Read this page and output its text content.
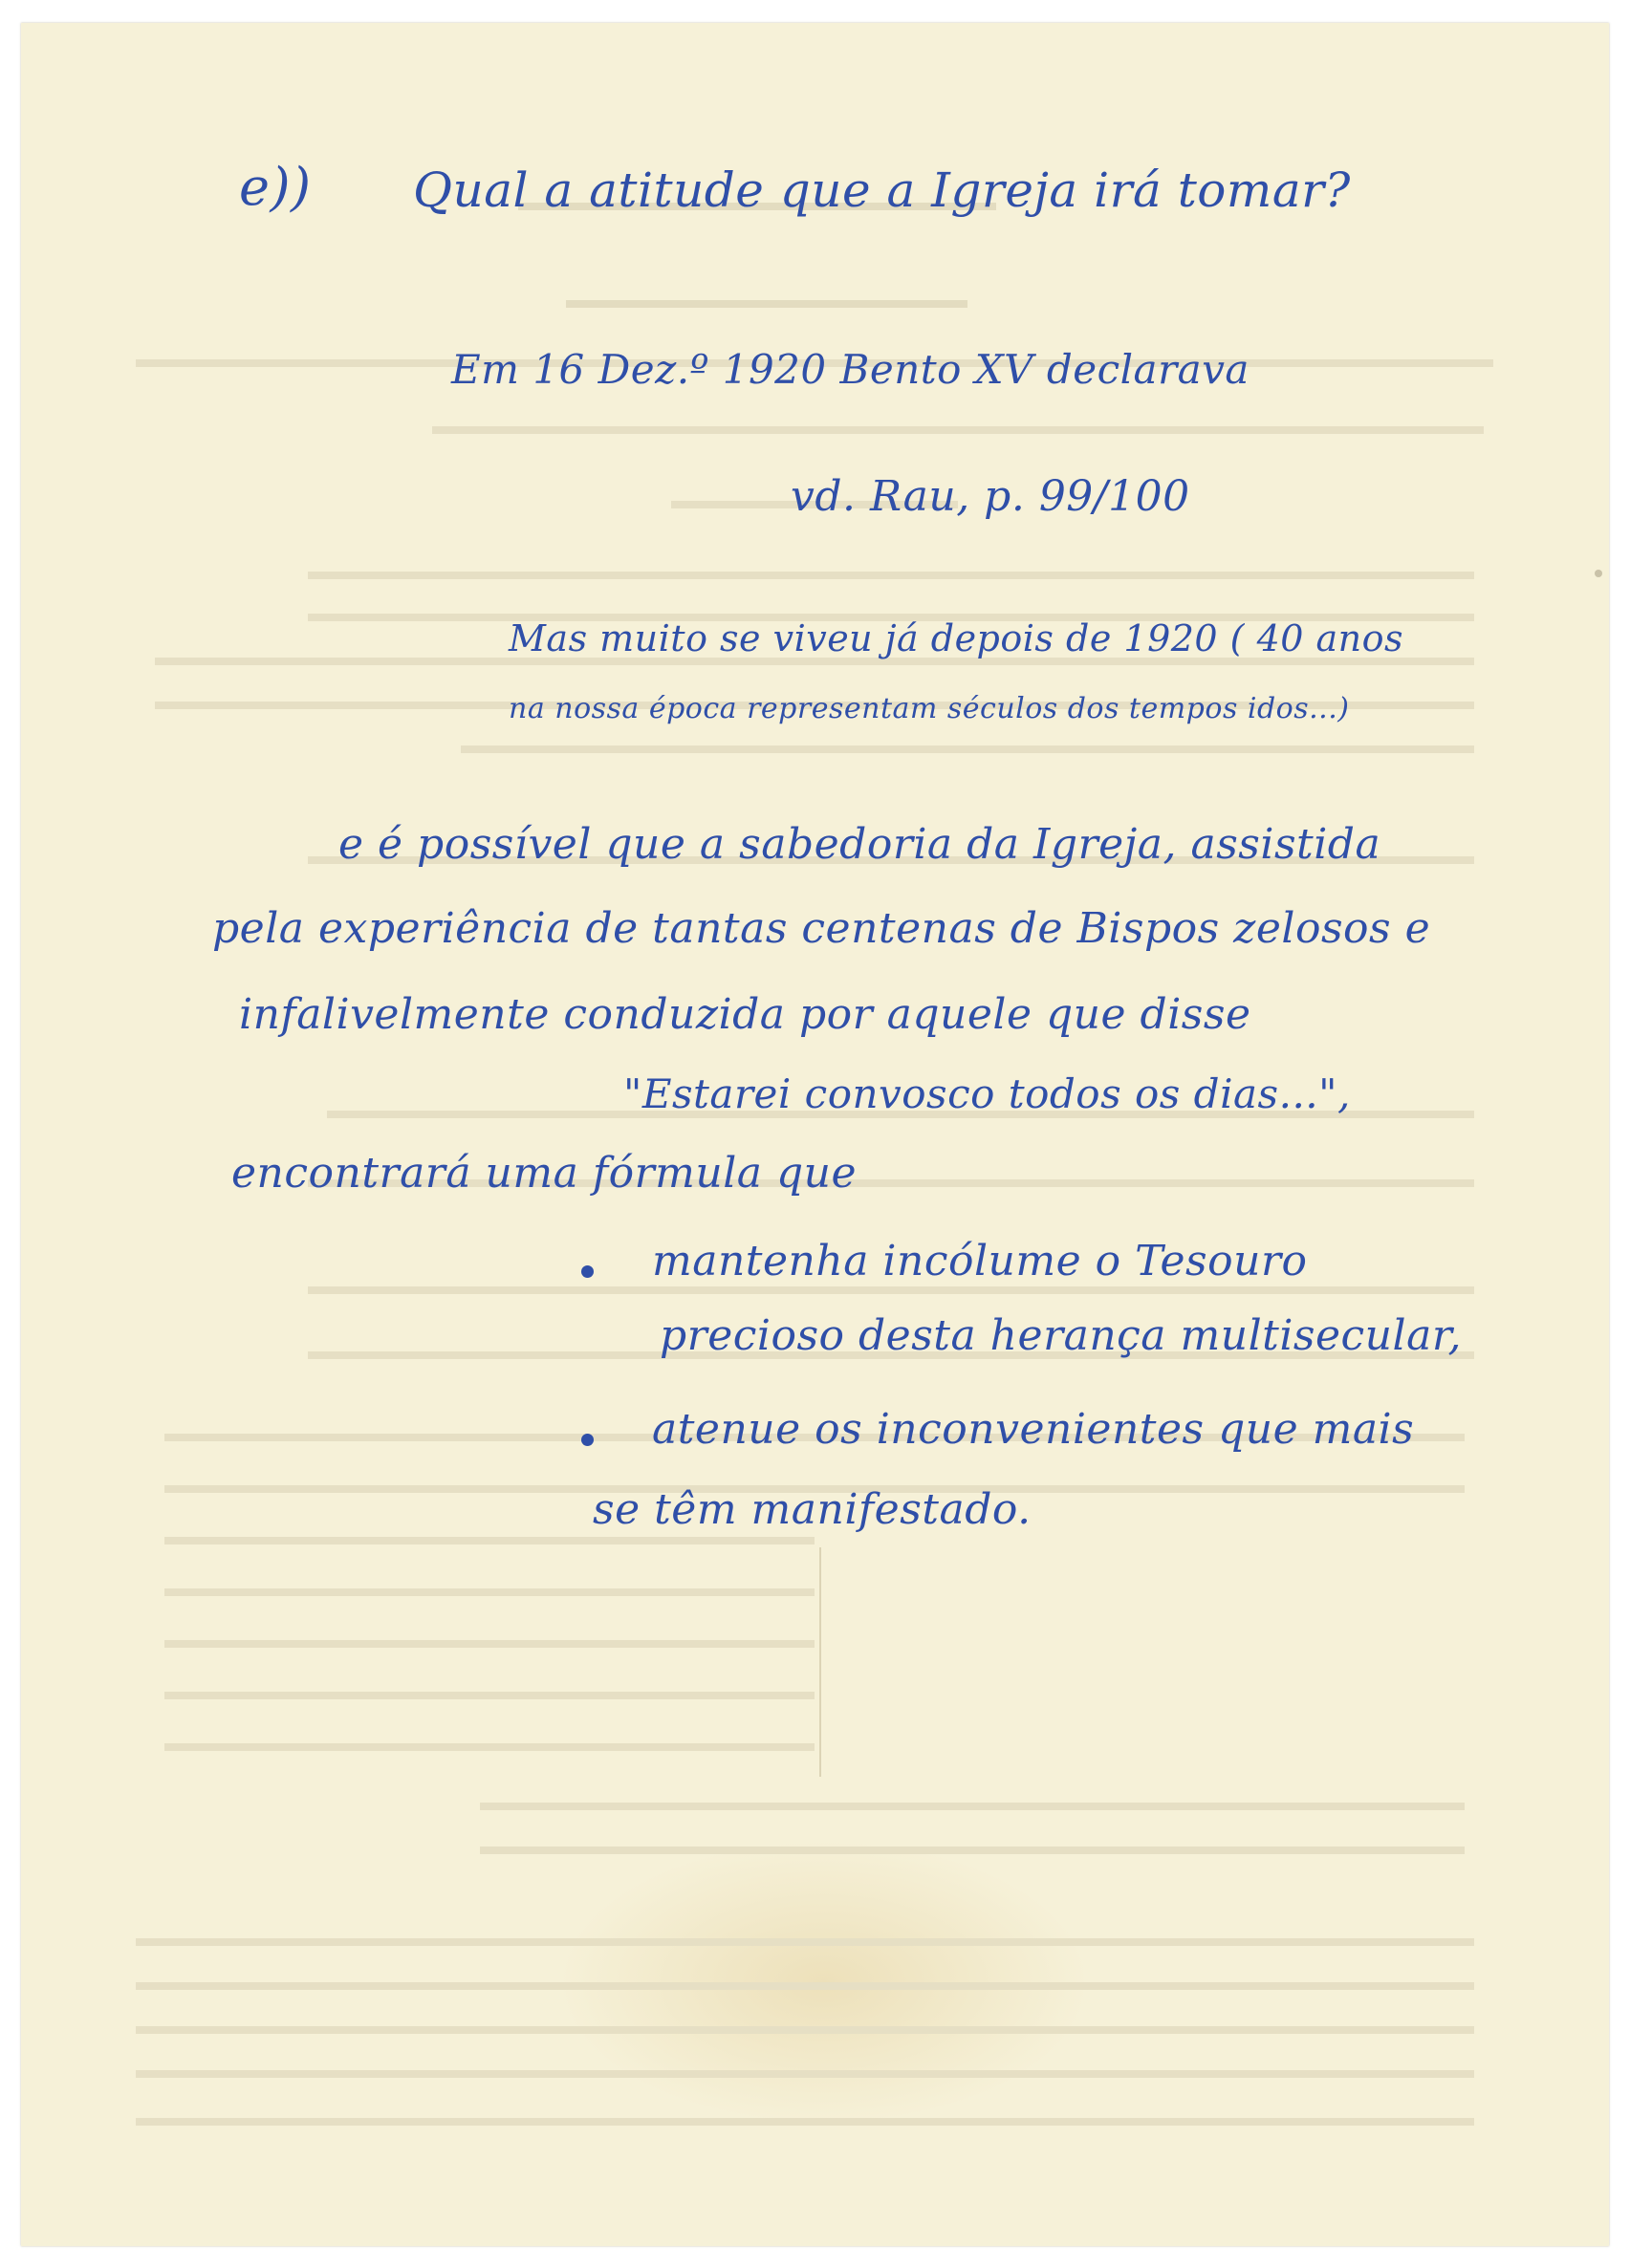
e)) Qual a atitude que a Igreja irá tomar?
Em 16 Dez.º 1920 Bento XV declarava
vd. Rau, p. 99/100
Mas muito se viveu já depois de 1920 ( 40 anos
na nossa época representam séculos dos tempos idos...)
e é possível que a sabedoria da Igreja, assistida
pela experiência de tantas centenas de Bispos zelosos e
infalivelmente conduzida por aquele que disse
"Estarei convosco todos os dias...",
encontrará uma fórmula que
mantenha incólume o Tesouro
precioso desta herança multisecular,
atenue os inconvenientes que mais
se têm manifestado.
